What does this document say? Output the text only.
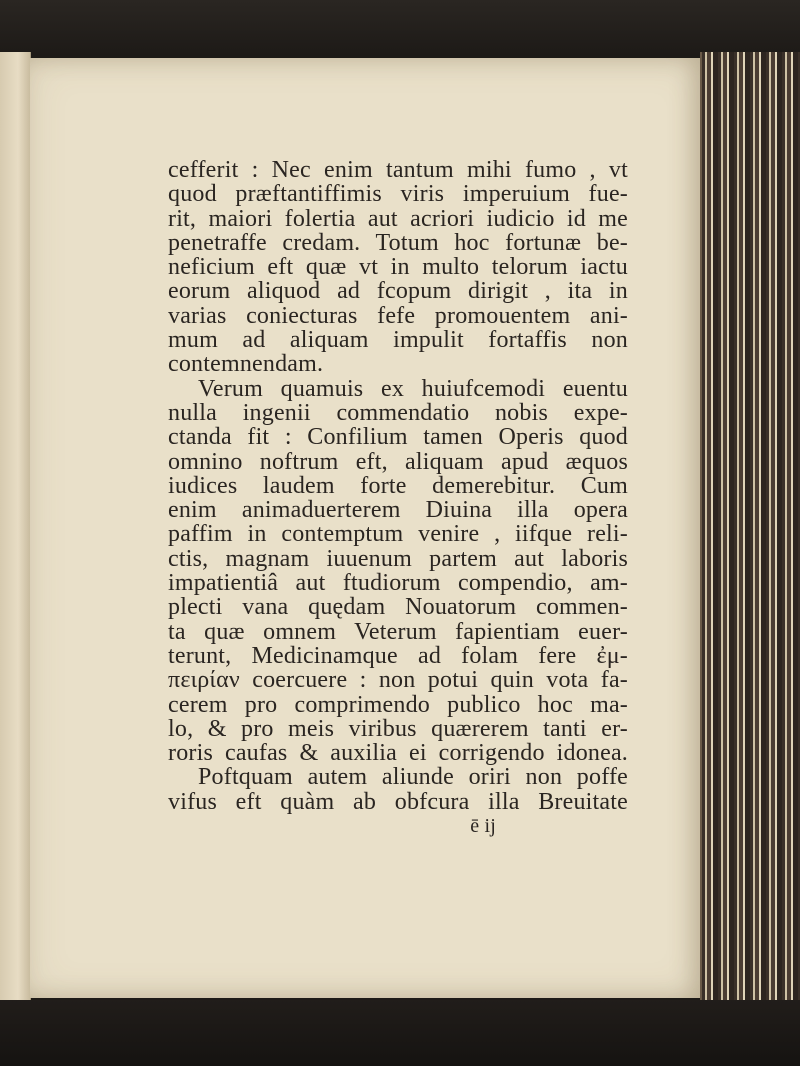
cefferit : Nec enim tantum mihi fumo , vt
quod præftantiffimis viris imperuium fue-
rit, maiori folertia aut acriori iudicio id me
penetraffe credam. Totum hoc fortunæ be-
neficium eft quæ vt in multo telorum iactu
eorum aliquod ad fcopum dirigit , ita in
varias coniecturas fefe promouentem ani-
mum ad aliquam impulit fortaffis non
contemnendam.
Verum quamuis ex huiufcemodi euentu
nulla ingenii commendatio nobis expe-
ctanda fit : Confilium tamen Operis quod
omnino noftrum eft, aliquam apud æquos
iudices laudem forte demerebitur. Cum
enim animaduerterem Diuina illa opera
paffim in contemptum venire , iifque reli-
ctis, magnam iuuenum partem aut laboris
impatientiâ aut ftudiorum compendio, am-
plecti vana quędam Nouatorum commen-
ta quæ omnem Veterum fapientiam euer-
terunt, Medicinamque ad folam fere ἐμ-
πειρίαν coercuere : non potui quin vota fa-
cerem pro comprimendo publico hoc ma-
lo, & pro meis viribus quærerem tanti er-
roris caufas & auxilia ei corrigendo idonea.
Poftquam autem aliunde oriri non poffe
vifus eft quàm ab obfcura illa Breuitate
ē ij
